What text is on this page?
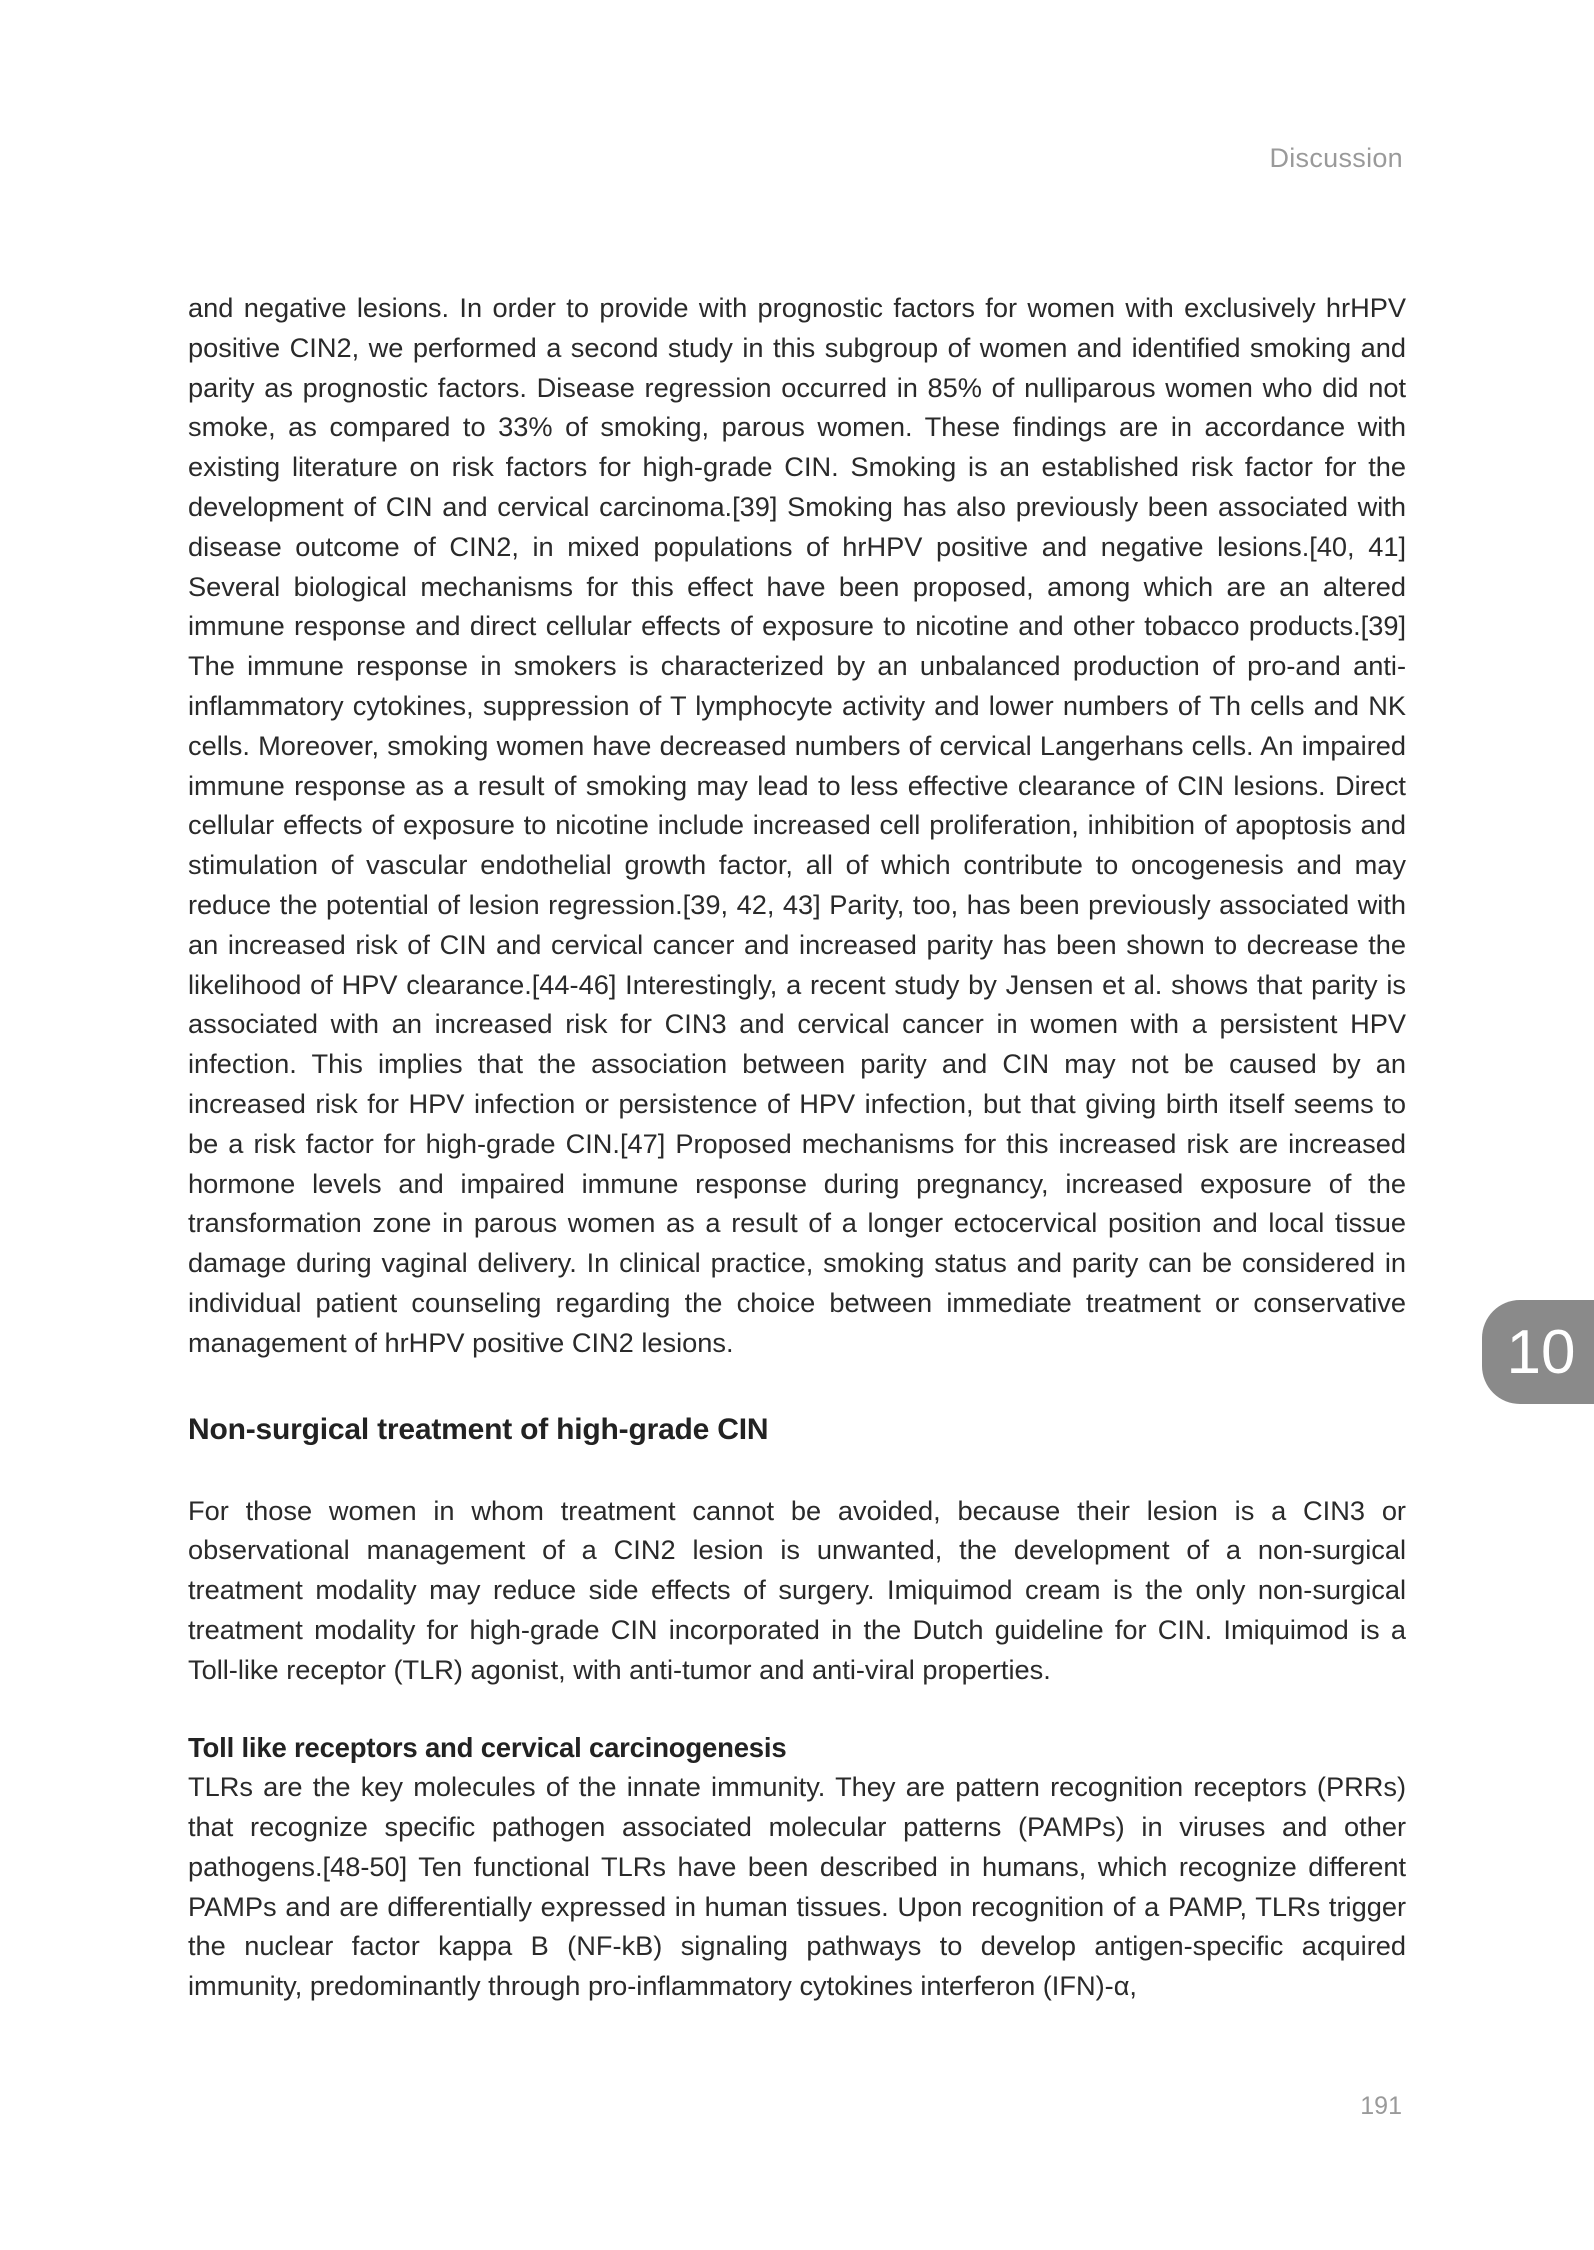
Discussion

and negative lesions. In order to provide with prognostic factors for women with exclusively hrHPV positive CIN2, we performed a second study in this subgroup of women and identified smoking and parity as prognostic factors. Disease regression occurred in 85% of nulliparous women who did not smoke, as compared to 33% of smoking, parous women. These findings are in accordance with existing literature on risk factors for high-grade CIN. Smoking is an established risk factor for the development of CIN and cervical carcinoma.[39] Smoking has also previously been associated with disease outcome of CIN2, in mixed populations of hrHPV positive and negative lesions.[40, 41] Several biological mechanisms for this effect have been proposed, among which are an altered immune response and direct cellular effects of exposure to nicotine and other tobacco products.[39] The immune response in smokers is characterized by an unbalanced production of pro-and anti-inflammatory cytokines, suppression of T lymphocyte activity and lower numbers of Th cells and NK cells. Moreover, smoking women have decreased numbers of cervical Langerhans cells. An impaired immune response as a result of smoking may lead to less effective clearance of CIN lesions. Direct cellular effects of exposure to nicotine include increased cell proliferation, inhibition of apoptosis and stimulation of vascular endothelial growth factor, all of which contribute to oncogenesis and may reduce the potential of lesion regression.[39, 42, 43] Parity, too, has been previously associated with an increased risk of CIN and cervical cancer and increased parity has been shown to decrease the likelihood of HPV clearance.[44-46] Interestingly, a recent study by Jensen et al. shows that parity is associated with an increased risk for CIN3 and cervical cancer in women with a persistent HPV infection. This implies that the association between parity and CIN may not be caused by an increased risk for HPV infection or persistence of HPV infection, but that giving birth itself seems to be a risk factor for high-grade CIN.[47] Proposed mechanisms for this increased risk are increased hormone levels and impaired immune response during pregnancy, increased exposure of the transformation zone in parous women as a result of a longer ectocervical position and local tissue damage during vaginal delivery. In clinical practice, smoking status and parity can be considered in individual patient counseling regarding the choice between immediate treatment or conservative management of hrHPV positive CIN2 lesions.

Non-surgical treatment of high-grade CIN

For those women in whom treatment cannot be avoided, because their lesion is a CIN3 or observational management of a CIN2 lesion is unwanted, the development of a non-surgical treatment modality may reduce side effects of surgery. Imiquimod cream is the only non-surgical treatment modality for high-grade CIN incorporated in the Dutch guideline for CIN. Imiquimod is a Toll-like receptor (TLR) agonist, with anti-tumor and anti-viral properties.

Toll like receptors and cervical carcinogenesis

TLRs are the key molecules of the innate immunity. They are pattern recognition receptors (PRRs) that recognize specific pathogen associated molecular patterns (PAMPs) in viruses and other pathogens.[48-50] Ten functional TLRs have been described in humans, which recognize different PAMPs and are differentially expressed in human tissues. Upon recognition of a PAMP, TLRs trigger the nuclear factor kappa B (NF-kB) signaling pathways to develop antigen-specific acquired immunity, predominantly through pro-inflammatory cytokines interferon (IFN)-α,

10
191
